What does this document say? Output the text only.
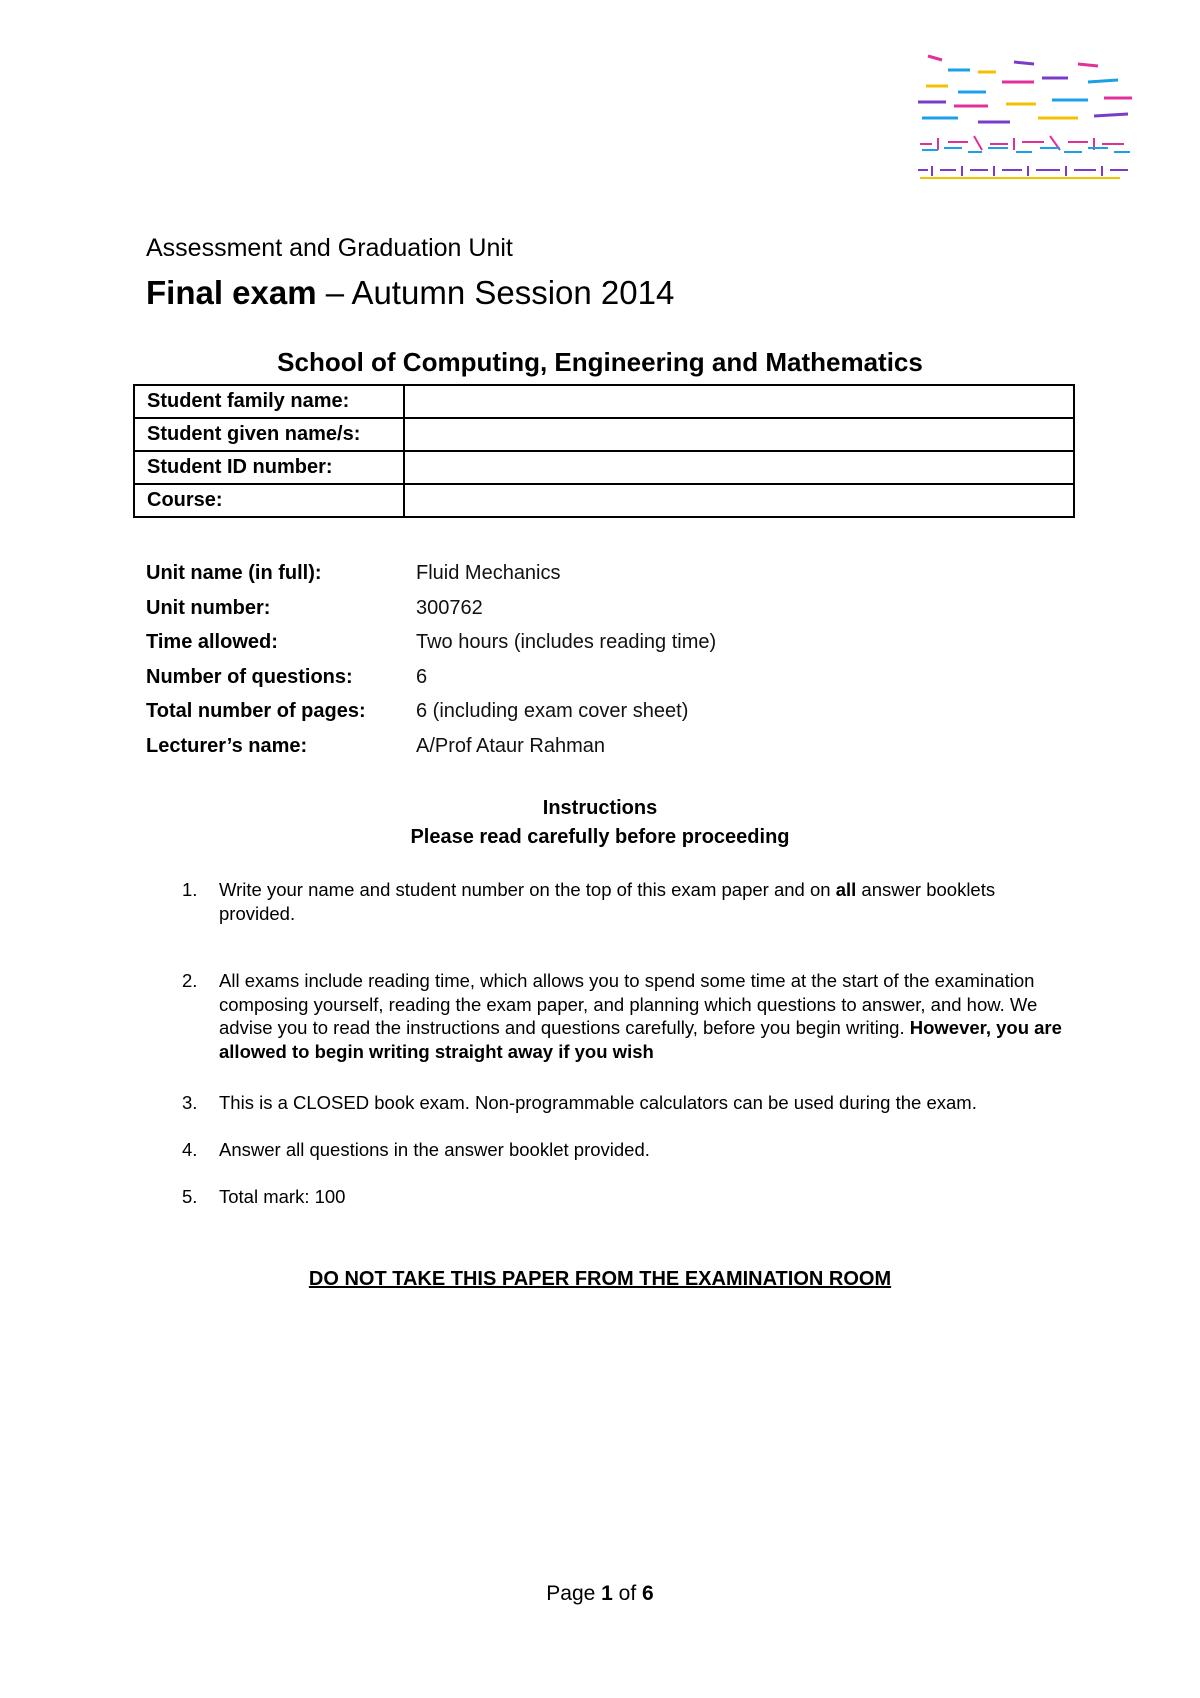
Assessment and Graduation Unit
Final exam – Autumn Session 2014
School of Computing, Engineering and Mathematics
Student family name:	
Student given name/s:	
Student ID number:	
Course:	
Unit name (in full):	Fluid Mechanics
Unit number:	300762
Time allowed:	Two hours (includes reading time)
Number of questions:	6
Total number of pages:	6 (including exam cover sheet)
Lecturer’s name:	A/Prof Ataur Rahman
Instructions
Please read carefully before proceeding
1.	Write your name and student number on the top of this exam paper and on all answer booklets provided.
2.	All exams include reading time, which allows you to spend some time at the start of the examination composing yourself, reading the exam paper, and planning which questions to answer, and how. We advise you to read the instructions and questions carefully, before you begin writing. However, you are allowed to begin writing straight away if you wish
3.	This is a CLOSED book exam. Non-programmable calculators can be used during the exam.
4.	Answer all questions in the answer booklet provided.
5.	Total mark: 100
DO NOT TAKE THIS PAPER FROM THE EXAMINATION ROOM
Page 1 of 6
